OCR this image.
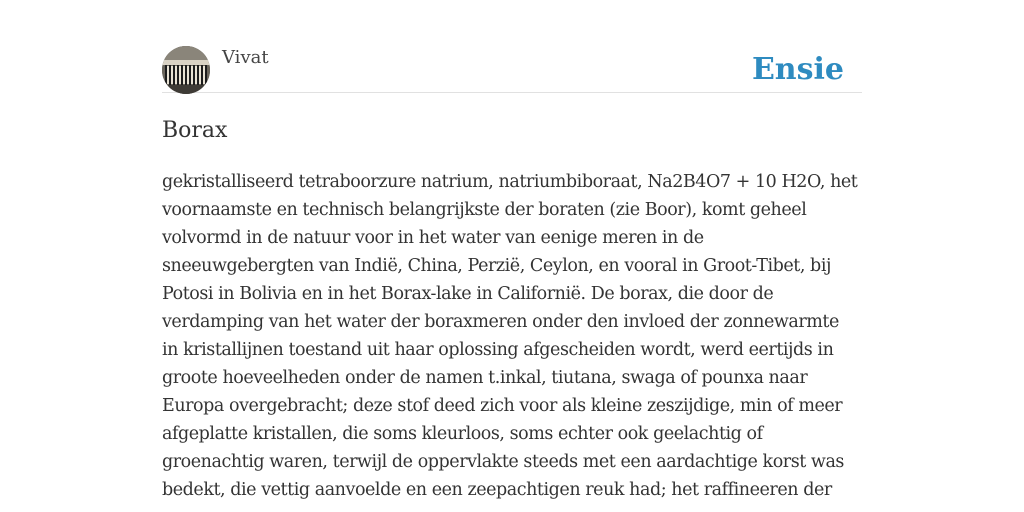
Vivat	Ensie
Borax

gekristalliseerd tetraboorzure natrium, natriumbiboraat, Na2B4O7 + 10 H2O, het
voornaamste en technisch belangrijkste der boraten (zie Boor), komt geheel
volvormd in de natuur voor in het water van eenige meren in de
sneeuwgebergten van Indië, China, Perzië, Ceylon, en vooral in Groot-Tibet, bij
Potosi in Bolivia en in het Borax-lake in Californië. De borax, die door de
verdamping van het water der boraxmeren onder den invloed der zonnewarmte
in kristallijnen toestand uit haar oplossing afgescheiden wordt, werd eertijds in
groote hoeveelheden onder de namen t.inkal, tiutana, swaga of pounxa naar
Europa overgebracht; deze stof deed zich voor als kleine zeszijdige, min of meer
afgeplatte kristallen, die soms kleurloos, soms echter ook geelachtig of
groenachtig waren, terwijl de oppervlakte steeds met een aardachtige korst was
bedekt, die vettig aanvoelde en een zeepachtigen reuk had; het raffineeren der
